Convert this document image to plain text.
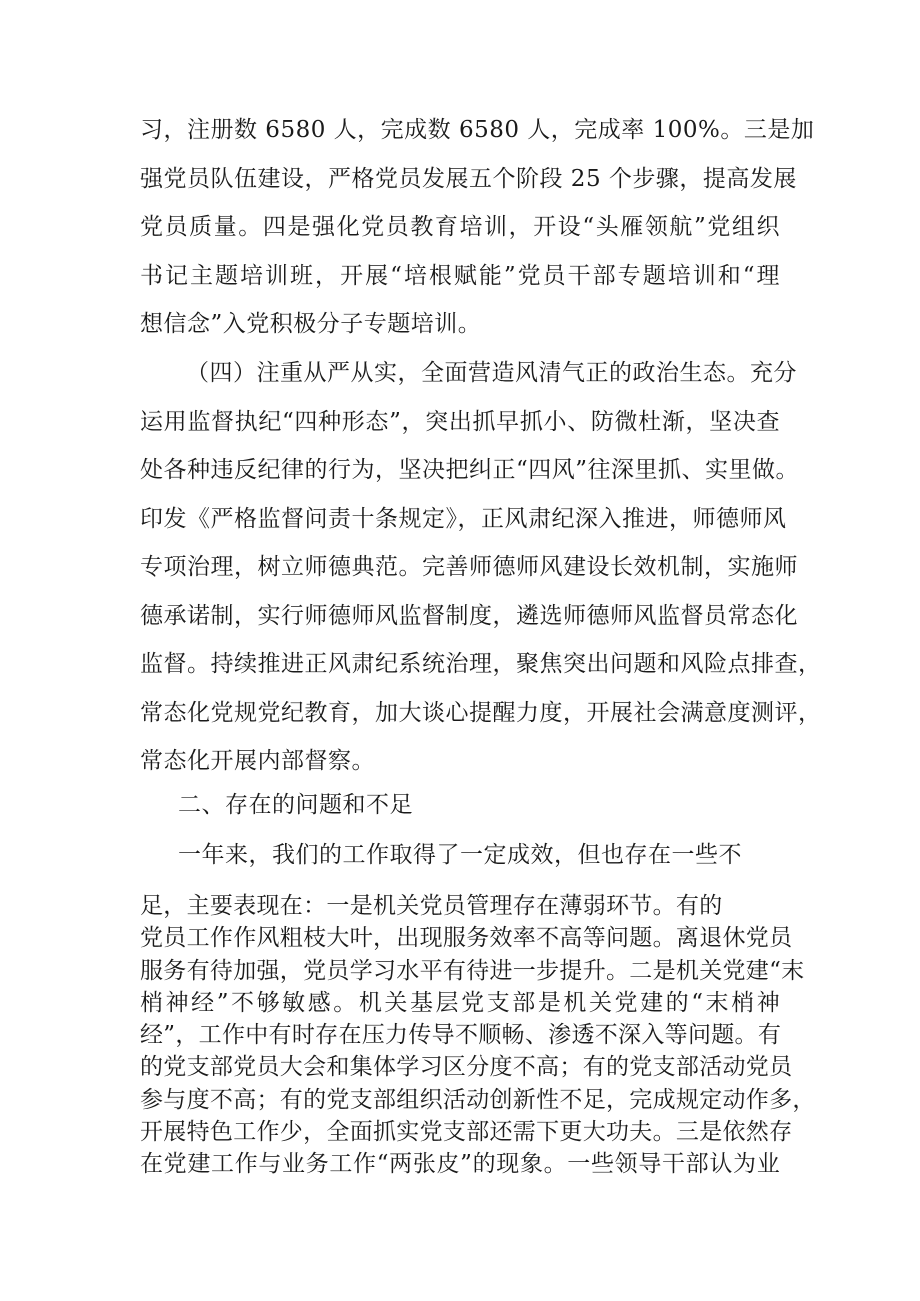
习，注册数 6580 人，完成数 6580 人，完成率 100%。三是加
强党员队伍建设，严格党员发展五个阶段 25 个步骤，提高发展
党员质量。四是强化党员教育培训，开设“头雁领航”党组织
书记主题培训班，开展“培根赋能”党员干部专题培训和“理
想信念”入党积极分子专题培训。
（四）注重从严从实，全面营造风清气正的政治生态。充分
运用监督执纪“四种形态”，突出抓早抓小、防微杜渐，坚决查
处各种违反纪律的行为，坚决把纠正“四风”往深里抓、实里做。
印发《严格监督问责十条规定》，正风肃纪深入推进，师德师风
专项治理，树立师德典范。完善师德师风建设长效机制，实施师
德承诺制，实行师德师风监督制度，遴选师德师风监督员常态化
监督。持续推进正风肃纪系统治理，聚焦突出问题和风险点排查，
常态化党规党纪教育，加大谈心提醒力度，开展社会满意度测评，
常态化开展内部督察。
二、存在的问题和不足
一年来，我们的工作取得了一定成效，但也存在一些不
足，主要表现在：一是机关党员管理存在薄弱环节。有的
党员工作作风粗枝大叶，出现服务效率不高等问题。离退休党员
服务有待加强，党员学习水平有待进一步提升。二是机关党建“末
梢神经”不够敏感。机关基层党支部是机关党建的“末梢神
经”，工作中有时存在压力传导不顺畅、渗透不深入等问题。有
的党支部党员大会和集体学习区分度不高；有的党支部活动党员
参与度不高；有的党支部组织活动创新性不足，完成规定动作多，
开展特色工作少，全面抓实党支部还需下更大功夫。三是依然存
在党建工作与业务工作“两张皮”的现象。一些领导干部认为业
